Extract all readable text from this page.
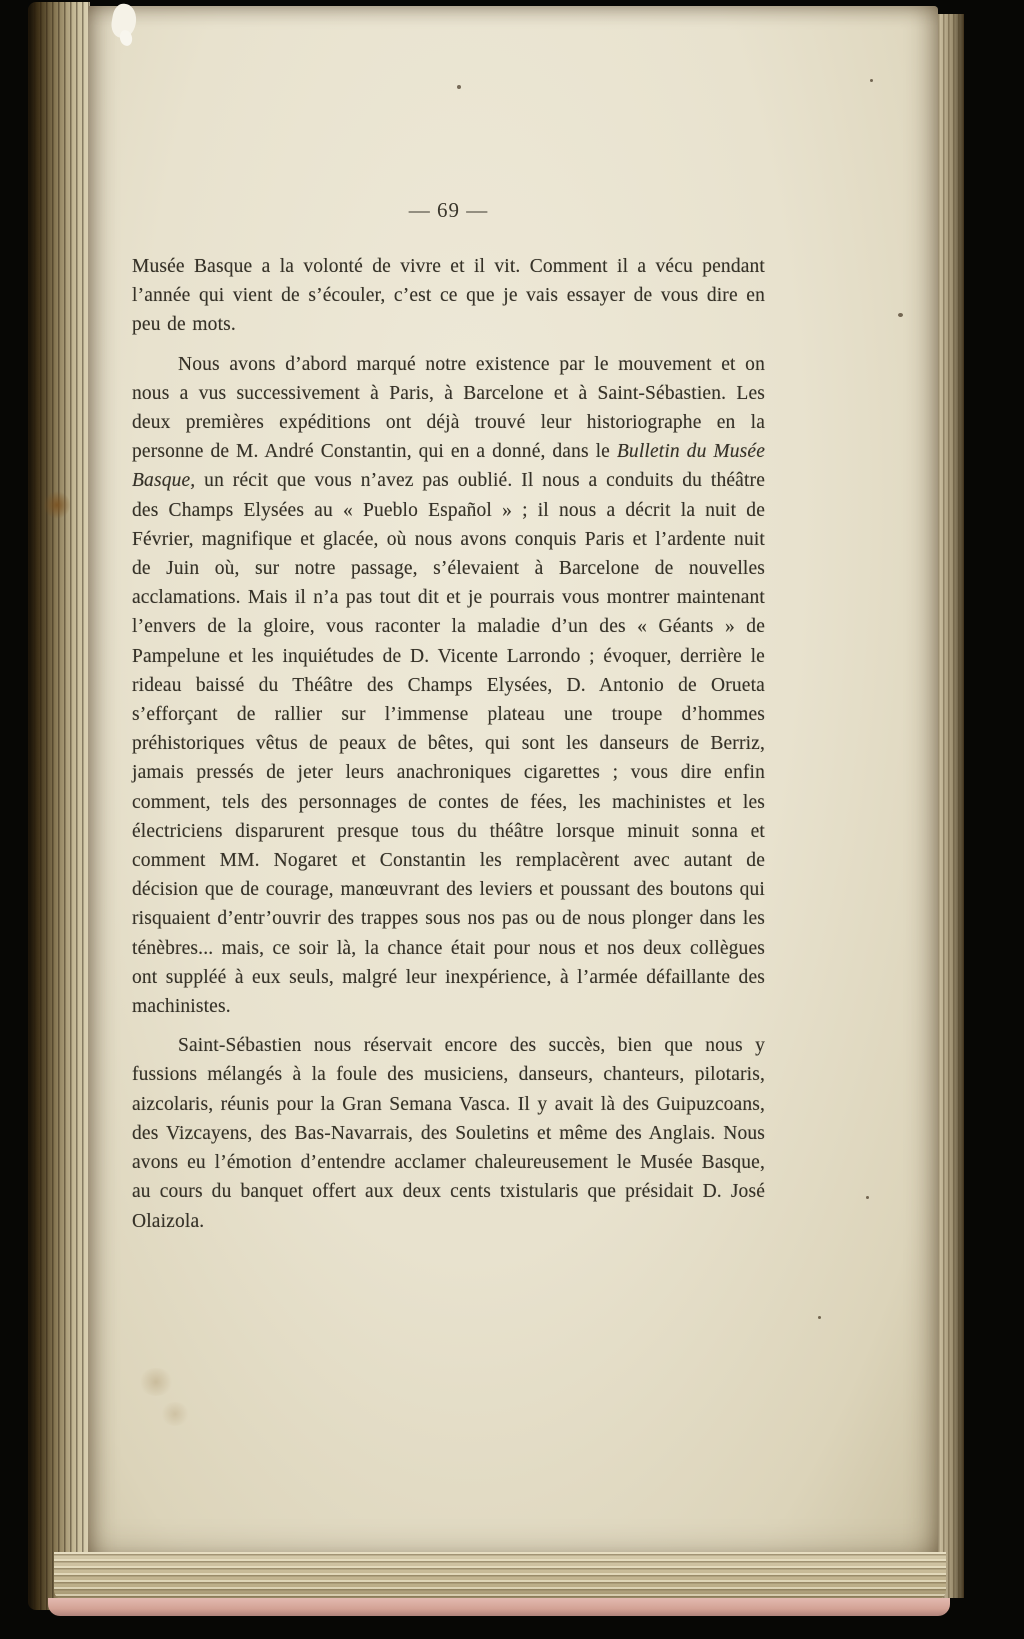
— 69 —

Musée Basque a la volonté de vivre et il vit. Comment il a vécu pendant l’année qui vient de s’écouler, c’est ce que je vais essayer de vous dire en peu de mots.

Nous avons d’abord marqué notre existence par le mouvement et on nous a vus successivement à Paris, à Barcelone et à Saint-Sébastien. Les deux premières expéditions ont déjà trouvé leur historiographe en la personne de M. André Constantin, qui en a donné, dans le Bulletin du Musée Basque, un récit que vous n’avez pas oublié. Il nous a conduits du théâtre des Champs Elysées au « Pueblo Español » ; il nous a décrit la nuit de Février, magnifique et glacée, où nous avons conquis Paris et l’ardente nuit de Juin où, sur notre passage, s’élevaient à Barcelone de nouvelles acclamations. Mais il n’a pas tout dit et je pourrais vous montrer maintenant l’envers de la gloire, vous raconter la maladie d’un des « Géants » de Pampelune et les inquiétudes de D. Vicente Larrondo ; évoquer, derrière le rideau baissé du Théâtre des Champs Elysées, D. Antonio de Orueta s’efforçant de rallier sur l’immense plateau une troupe d’hommes préhistoriques vêtus de peaux de bêtes, qui sont les danseurs de Berriz, jamais pressés de jeter leurs anachroniques cigarettes ; vous dire enfin comment, tels des personnages de contes de fées, les machinistes et les électriciens disparurent presque tous du théâtre lorsque minuit sonna et comment MM. Nogaret et Constantin les remplacèrent avec autant de décision que de courage, manœuvrant des leviers et poussant des boutons qui risquaient d’entr’ouvrir des trappes sous nos pas ou de nous plonger dans les ténèbres... mais, ce soir là, la chance était pour nous et nos deux collègues ont suppléé à eux seuls, malgré leur inexpérience, à l’armée défaillante des machinistes.

Saint-Sébastien nous réservait encore des succès, bien que nous y fussions mélangés à la foule des musiciens, danseurs, chanteurs, pilotaris, aizcolaris, réunis pour la Gran Semana Vasca. Il y avait là des Guipuzcoans, des Vizcayens, des Bas-Navarrais, des Souletins et même des Anglais. Nous avons eu l’émotion d’entendre acclamer chaleureusement le Musée Basque, au cours du banquet offert aux deux cents txistularis que présidait D. José Olaizola.
